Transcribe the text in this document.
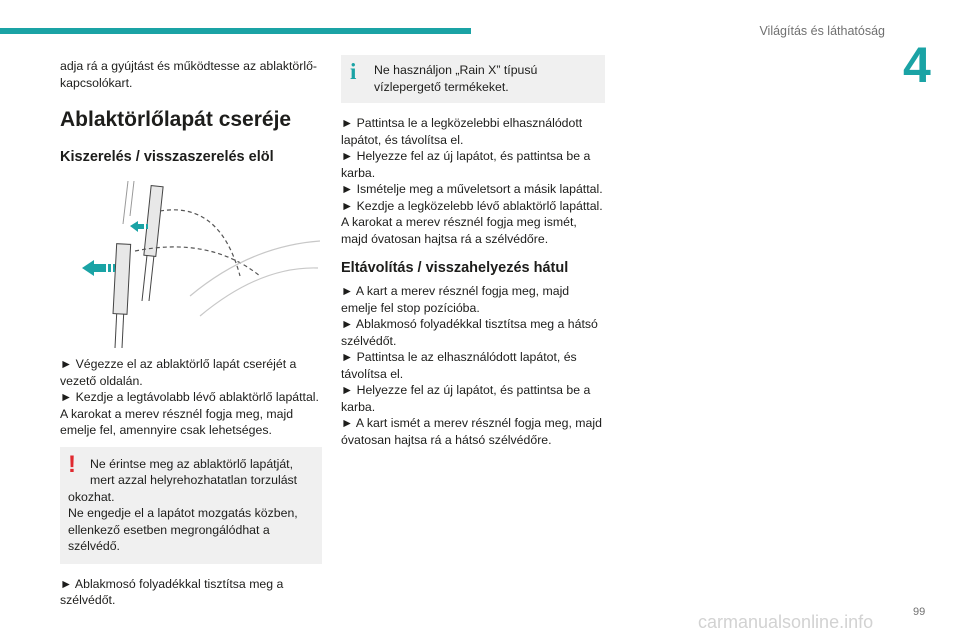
Világítás és láthatóság
4

adja rá a gyújtást és működtesse az ablaktörlő-kapcsolókart.

Ablaktörlőlapát cseréje
Kiszerelés / visszaszerelés elöl

► Végezze el az ablaktörlő lapát cseréjét a vezető oldalán.

► Kezdje a legtávolabb lévő ablaktörlő lapáttal.

A karokat a merev résznél fogja meg, majd emelje fel, amennyire csak lehetséges.

!	Ne érintse meg az ablaktörlő lapátját,

mert azzal helyrehozhatatlan torzulást

okozhat.

Ne engedje el a lapátot mozgatás közben, ellenkező esetben megrongálódhat a szélvédő.

► Ablakmosó folyadékkal tisztítsa meg a szélvédőt.

i	Ne használjon „Rain X” típusú vízlepergető termékeket.

► Pattintsa le a legközelebbi elhasználódott lapátot, és távolítsa el.

► Helyezze fel az új lapátot, és pattintsa be a karba.

► Ismételje meg a műveletsort a másik lapáttal.

► Kezdje a legközelebb lévő ablaktörlő lapáttal.

A karokat a merev résznél fogja meg ismét, majd óvatosan hajtsa rá a szélvédőre.

Eltávolítás / visszahelyezés hátul

► A kart a merev résznél fogja meg, majd emelje fel stop pozícióba.

► Ablakmosó folyadékkal tisztítsa meg a hátsó szélvédőt.

► Pattintsa le az elhasználódott lapátot, és távolítsa el.

► Helyezze fel az új lapátot, és pattintsa be a karba.

► A kart ismét a merev résznél fogja meg, majd óvatosan hajtsa rá a hátsó szélvédőre.

99
carmanualsonline.info
